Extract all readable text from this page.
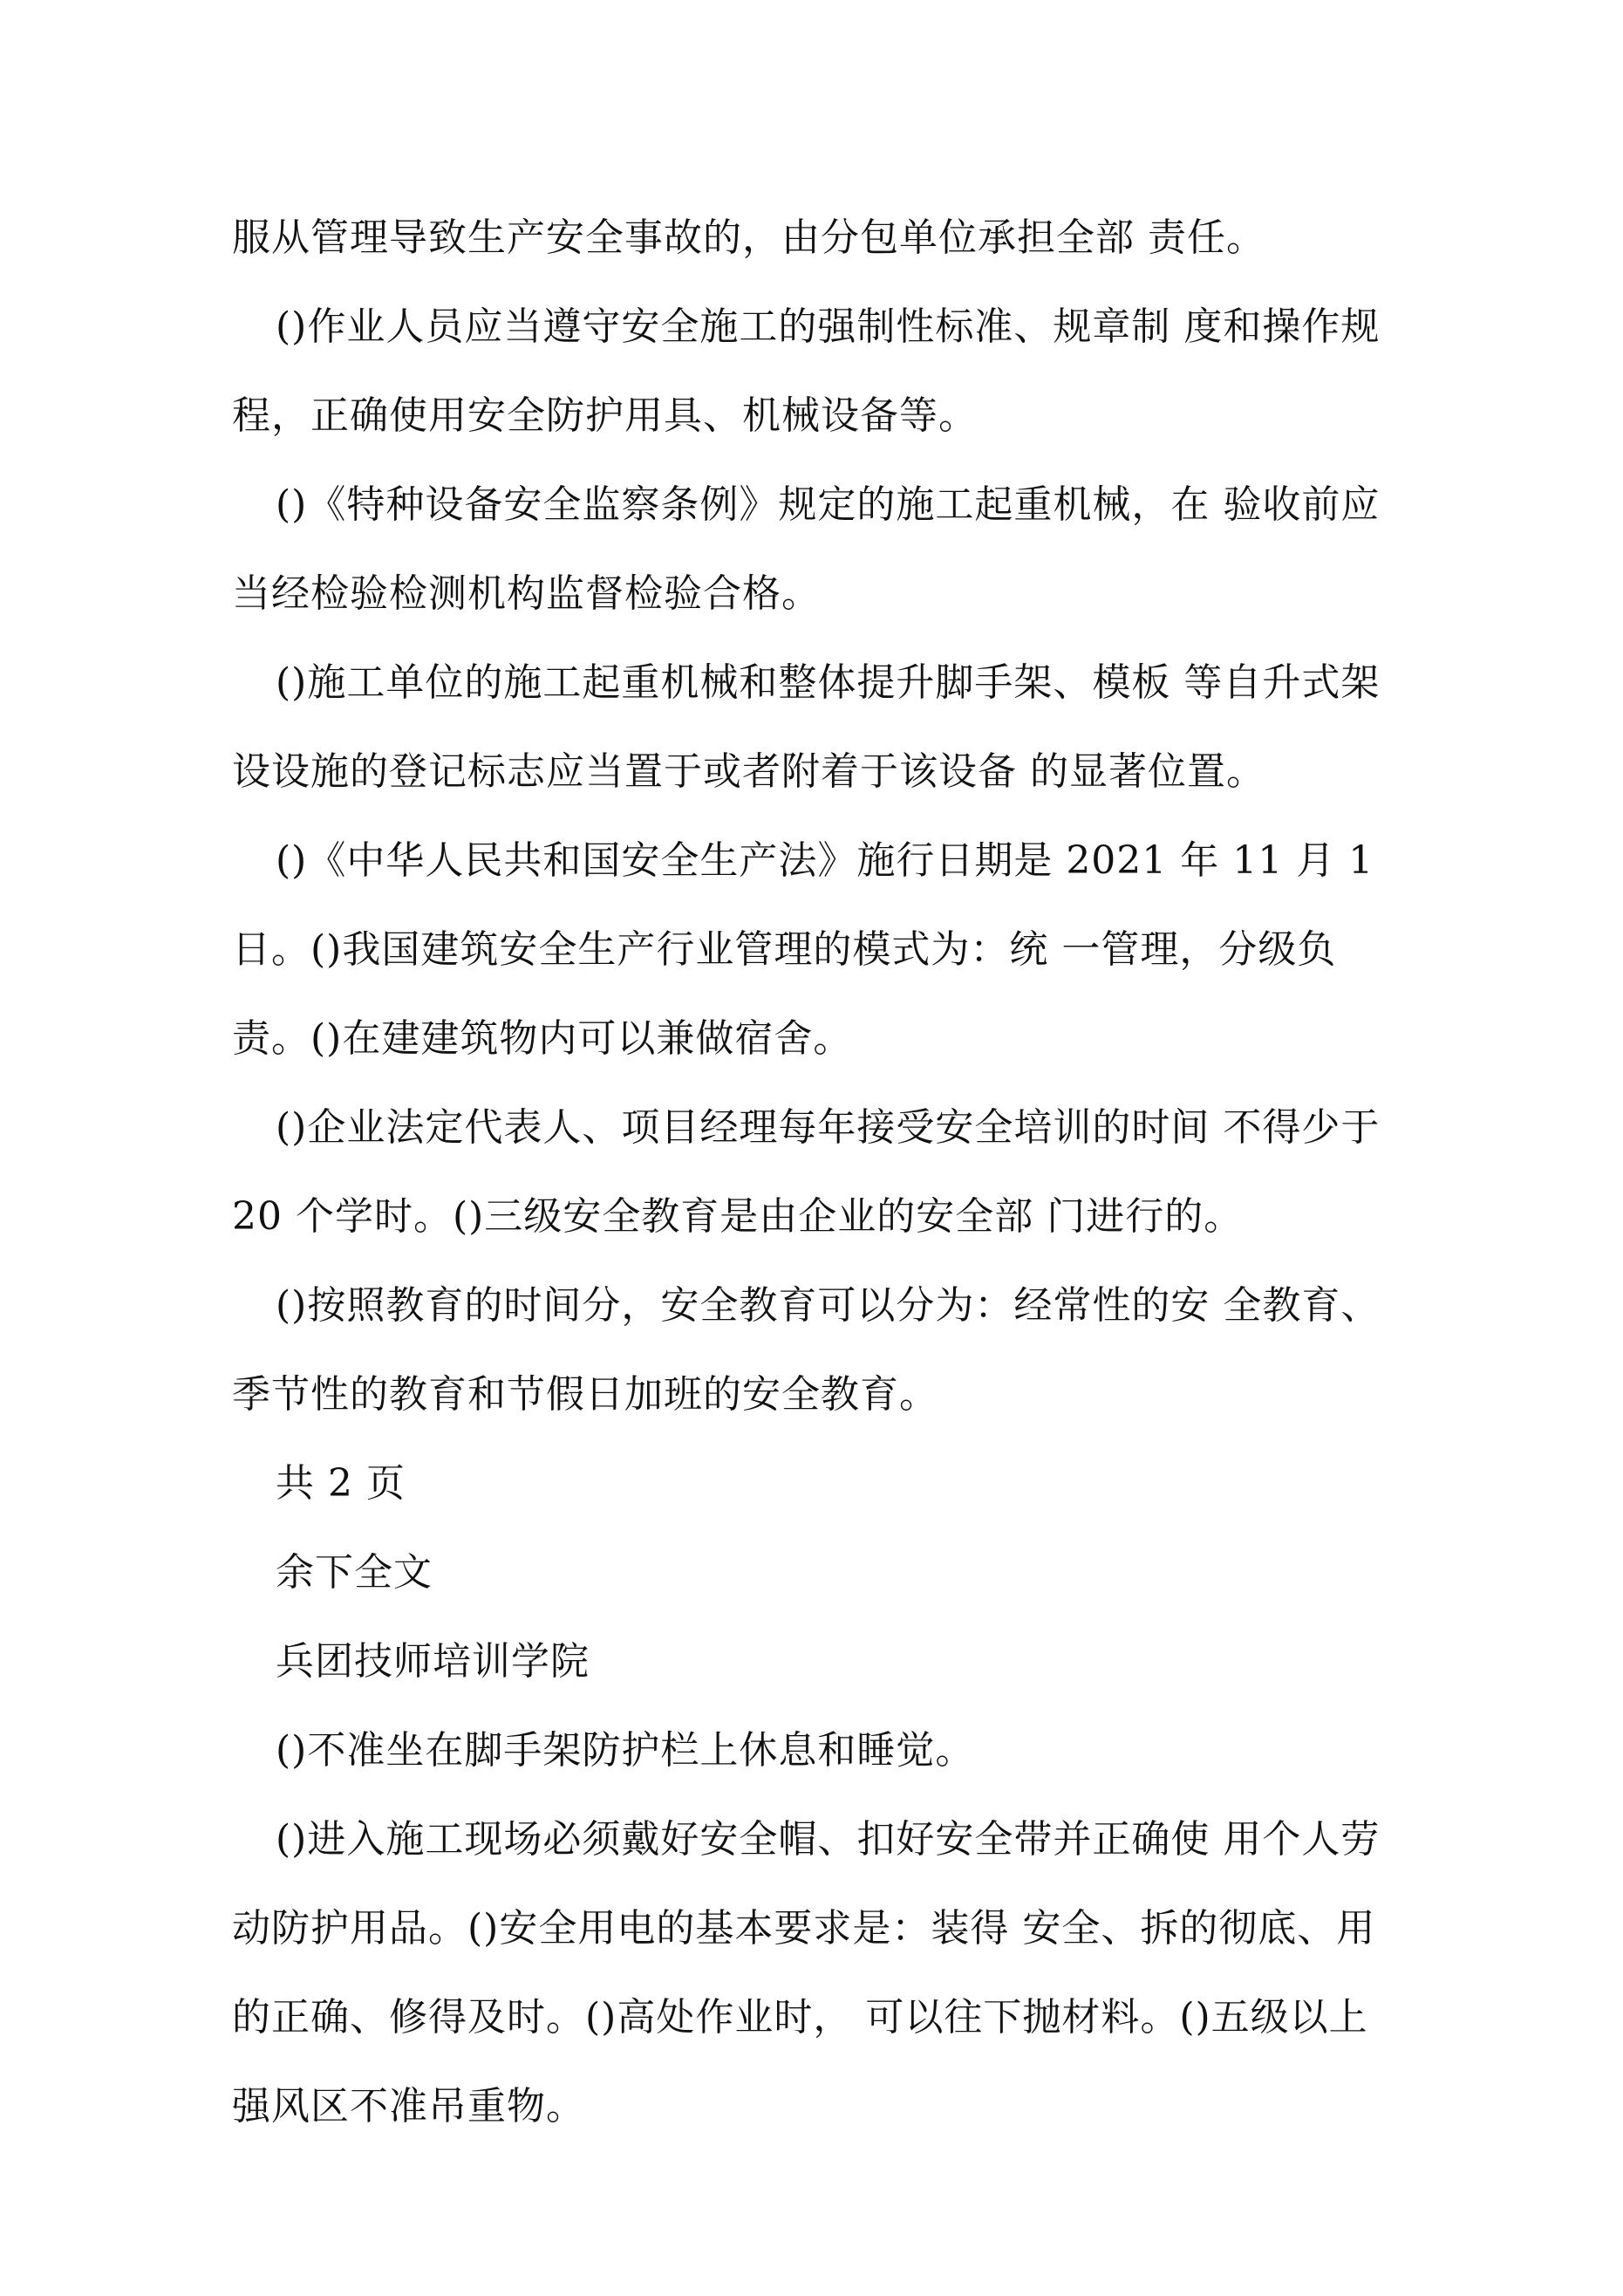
服从管理导致生产安全事故的，由分包单位承担全部 责任。

()作业人员应当遵守安全施工的强制性标准、规章制 度和操作规程，正确使用安全防护用具、机械设备等。

()《特种设备安全监察条例》规定的施工起重机械，在 验收前应当经检验检测机构监督检验合格。

()施工单位的施工起重机械和整体提升脚手架、模板 等自升式架设设施的登记标志应当置于或者附着于该设备 的显著位置。

()《中华人民共和国安全生产法》施行日期是 2021 年 11 月 1 日。()我国建筑安全生产行业管理的模式为：统 一管理，分级负责。()在建建筑物内可以兼做宿舍。

()企业法定代表人、项目经理每年接受安全培训的时间 不得少于 20 个学时。()三级安全教育是由企业的安全部 门进行的。

()按照教育的时间分，安全教育可以分为：经常性的安 全教育、季节性的教育和节假日加班的安全教育。

共 2 页

余下全文

兵团技师培训学院

()不准坐在脚手架防护栏上休息和睡觉。

()进入施工现场必须戴好安全帽、扣好安全带并正确使 用个人劳动防护用品。()安全用电的基本要求是：装得 安全、拆的彻底、用的正确、修得及时。()高处作业时， 可以往下抛材料。()五级以上强风区不准吊重物。
